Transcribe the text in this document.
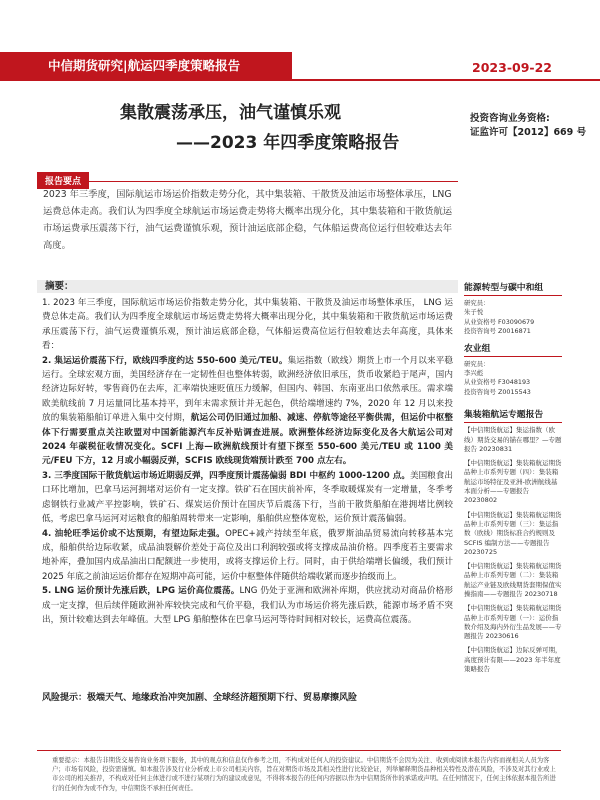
中信期货研究|航运四季度策略报告	2023-09-22
集散震荡承压，油气谨慎乐观
——2023 年四季度策略报告
投资咨询业务资格:
证监许可【2012】669 号
报告要点
2023 年三季度，国际航运市场运价指数走势分化，其中集装箱、干散货及油运市场整体承压，LNG 运费总体走高。我们认为四季度全球航运市场运费走势将大概率出现分化，其中集装箱和干散货航运市场运费承压震荡下行，油气运费谨慎乐观，预计油运底部企稳，气体船运费高位运行但较难达去年高度。
摘要：

1. 2023 年三季度，国际航运市场运价指数走势分化，其中集装箱、干散货及油运市场整体承压， LNG 运费总体走高。我们认为四季度全球航运市场运费走势将大概率出现分化，其中集装箱和干散货航运市场运费承压震荡下行，油气运费谨慎乐观，预计油运底部企稳，气体船运费高位运行但较难达去年高度，具体来看：

2. 集运运价震荡下行，欧线四季度约达 550-600 美元/TEU。集运指数（欧线）期货上市一个月以来平稳运行。全球宏观方面，美国经济存在一定韧性但也整体转弱，欧洲经济依旧承压，货币收紧趋于尾声，国内经济边际好转，零售商仍在去库，汇率端快速贬值压力缓解，但国内、韩国、东南亚出口依然承压。需求端欧美航线前 7 月运量同比基本持平，到年末需求预计并无起色，供给端增速约 7%，2020 年 12 月以来投放的集装箱船舶订单进入集中交付期，航运公司仍旧通过加船、减速、停航等途径平衡供需，但运价中枢整体下行需要重点关注欧盟对中国新能源汽车反补贴调查进展。欧洲整体经济边际变化及各大航运公司对 2024 年碳税征收情况变化。SCFI 上海—欧洲航线预计有望下探至 550-600 美元/TEU 或 1100 美元/FEU 下方，12 月或小幅弱反弹，SCFIS 欧线现货端预计跌至 700 点左右。

3. 三季度国际干散货航运市场近期弱反弹，四季度预计震荡偏弱 BDI 中枢约 1000-1200 点。美国粮食出口环比增加，巴拿马运河拥堵对运价有一定支撑。铁矿石在国庆前补库，冬季取暖煤炭有一定增量，冬季考虑钢铁行业减产平控影响，铁矿石、煤炭运价预计在国庆节后震荡下行，当前干散货船舶在港拥堵比例较低，考虑巴拿马运河对运粮食的船舶周转带来一定影响，船舶供应整体宽松，运价预计震荡偏弱。

4. 油轮旺季运价或不达预期，有望边际走强。OPEC+减产持续至年底，俄罗斯油品贸易流向转移基本完成，船舶供给边际收紧，成品油裂解价差处于高位及出口利润较强或将支撑成品油价格。四季度若主要需求地补库，叠加国内成品油出口配额进一步使用，或将支撑运价上行。同时，由于供给端增长偏缓，我们预计 2025 年底之前油运运价都存在短期冲高可能，运价中枢整体伴随供给端收紧而逐步抬级而上。

5. LNG 运价预计先涨后跌，LPG 运价高位震荡。LNG 仍处于亚洲和欧洲补库期，供应扰动对商品价格形成一定支撑，但后续伴随欧洲补库较快完成和气价平稳，我们认为市场运价将先涨后跌，能源市场矛盾不突出，预计较难达到去年峰值。大型 LPG 船舶整体在巴拿马运河等待时间相对较长，运费高位震荡。

风险提示：极端天气、地缘政治冲突加剧、全球经济超预期下行、贸易摩擦风险
能源转型与碳中和组
研究员：
朱子悦
从业资格号 F03090679
投资咨询号 Z0016871
农业组
研究员：
李兴彪
从业资格号 F3048193
投资咨询号 Z0015543
集装箱航运专题报告
【中信期货航运】集运指数（欧线）期货交易的锚在哪里？—专题报告 20230831
【中信期货航运】集装箱航运期货品种上市系列专题（四）：集装箱航运市场特征及亚洲-欧洲航线基本面分析——专题报告 20230802
【中信期货航运】集装箱航运期货品种上市系列专题（三）：集运指数（欧线）期货标准合约规则及 SCFIS 编制方法——专题报告 20230725
【中信期货航运】集装箱航运期货品种上市系列专题（二）：集装箱航运产业链及欧线期货套期保值实操指南——专题报告 20230718
【中信期货航运】集装箱航运期货品种上市系列专题（一）：运价指数介绍及海内外衍生品发展——专题报告 20230616
【中信期货航运】边际反弹可期，高度预计有限——2023 年半年度策略报告
重要提示：本报告非期货交易咨询业务项下服务，其中的观点和信息仅作参考之用，不构成对任何人的投资建议。中信期货不会因为关注、收到或阅读本报告内容而视相关人员为客户；市场有风险，投资需谨慎。如本报告涉及行业分析或上市公司相关内容，旨在对期货市场及其相关性进行比较论证，列举解释期货品种相关特性及潜在风险，不涉及对其行业或上市公司的相关推荐，不构成对任何主体进行或不进行某项行为的建议或意见，不得将本报告的任何内容据以作为中信期货所作的承诺或声明。在任何情况下，任何主体依据本报告所进行的任何作为或不作为，中信期货不承担任何责任。
